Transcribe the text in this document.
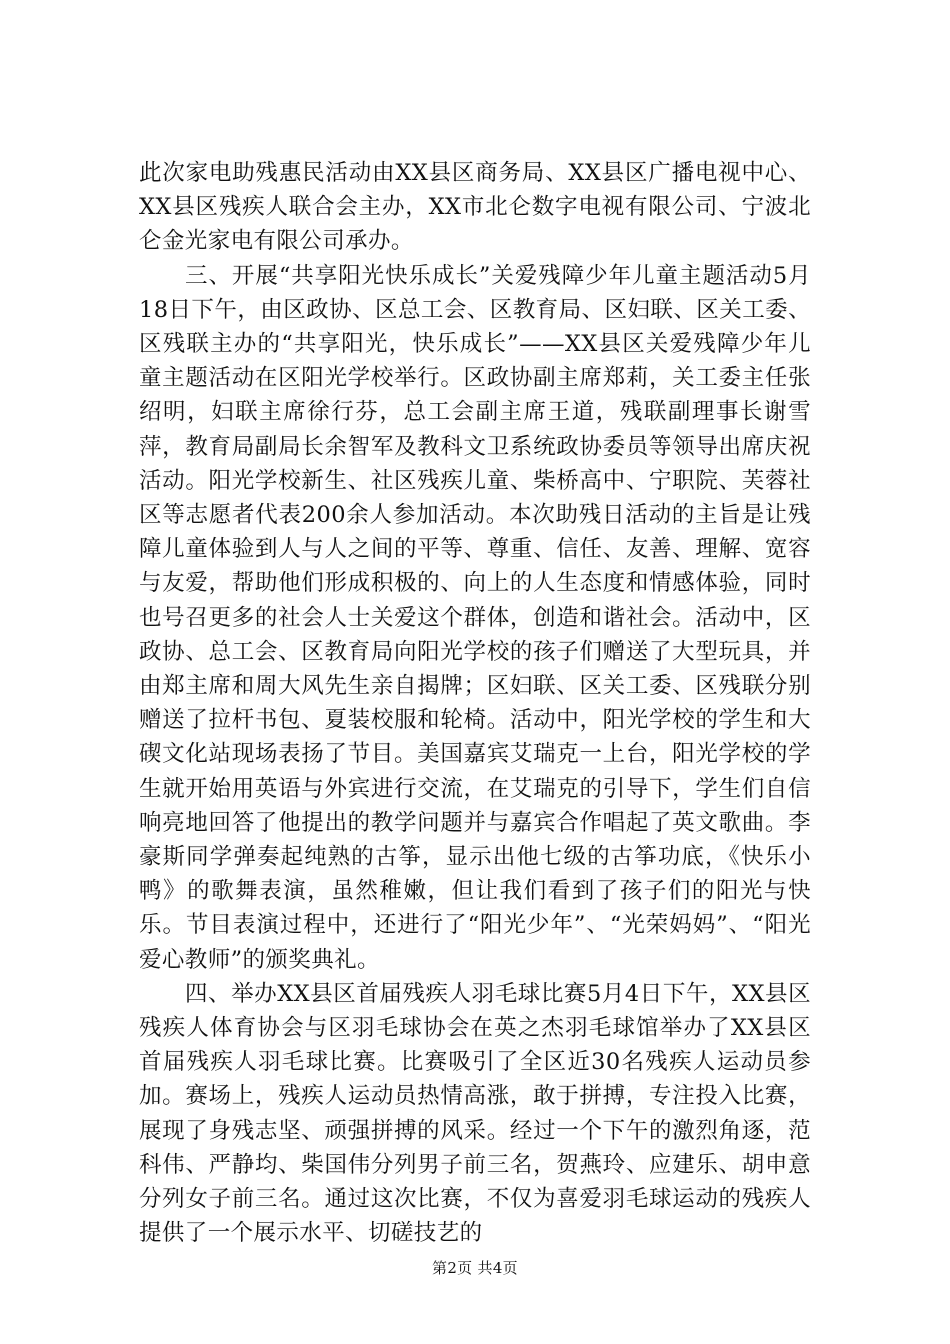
此次家电助残惠民活动由XX县区商务局、XX县区广播电视中心、XX县区残疾人联合会主办，XX市北仑数字电视有限公司、宁波北仑金光家电有限公司承办。

三、开展“共享阳光快乐成长”关爱残障少年儿童主题活动5月18日下午，由区政协、区总工会、区教育局、区妇联、区关工委、区残联主办的“共享阳光，快乐成长”——XX县区关爱残障少年儿童主题活动在区阳光学校举行。区政协副主席郑莉，关工委主任张绍明，妇联主席徐行芬，总工会副主席王道，残联副理事长谢雪萍，教育局副局长余智军及教科文卫系统政协委员等领导出席庆祝活动。阳光学校新生、社区残疾儿童、柴桥高中、宁职院、芙蓉社区等志愿者代表200余人参加活动。本次助残日活动的主旨是让残障儿童体验到人与人之间的平等、尊重、信任、友善、理解、宽容与友爱，帮助他们形成积极的、向上的人生态度和情感体验，同时也号召更多的社会人士关爱这个群体，创造和谐社会。活动中，区政协、总工会、区教育局向阳光学校的孩子们赠送了大型玩具，并由郑主席和周大风先生亲自揭牌；区妇联、区关工委、区残联分别赠送了拉杆书包、夏装校服和轮椅。活动中，阳光学校的学生和大碶文化站现场表扬了节目。美国嘉宾艾瑞克一上台，阳光学校的学生就开始用英语与外宾进行交流，在艾瑞克的引导下，学生们自信响亮地回答了他提出的教学问题并与嘉宾合作唱起了英文歌曲。李豪斯同学弹奏起纯熟的古筝，显示出他七级的古筝功底，《快乐小鸭》的歌舞表演，虽然稚嫩，但让我们看到了孩子们的阳光与快乐。节目表演过程中，还进行了“阳光少年”、“光荣妈妈”、“阳光爱心教师”的颁奖典礼。

四、举办XX县区首届残疾人羽毛球比赛5月4日下午，XX县区残疾人体育协会与区羽毛球协会在英之杰羽毛球馆举办了XX县区首届残疾人羽毛球比赛。比赛吸引了全区近30名残疾人运动员参加。赛场上，残疾人运动员热情高涨，敢于拼搏，专注投入比赛，展现了身残志坚、顽强拼搏的风采。经过一个下午的激烈角逐，范科伟、严静均、柴国伟分列男子前三名，贺燕玲、应建乐、胡申意分列女子前三名。通过这次比赛，不仅为喜爱羽毛球运动的残疾人提供了一个展示水平、切磋技艺的

第2页 共4页
